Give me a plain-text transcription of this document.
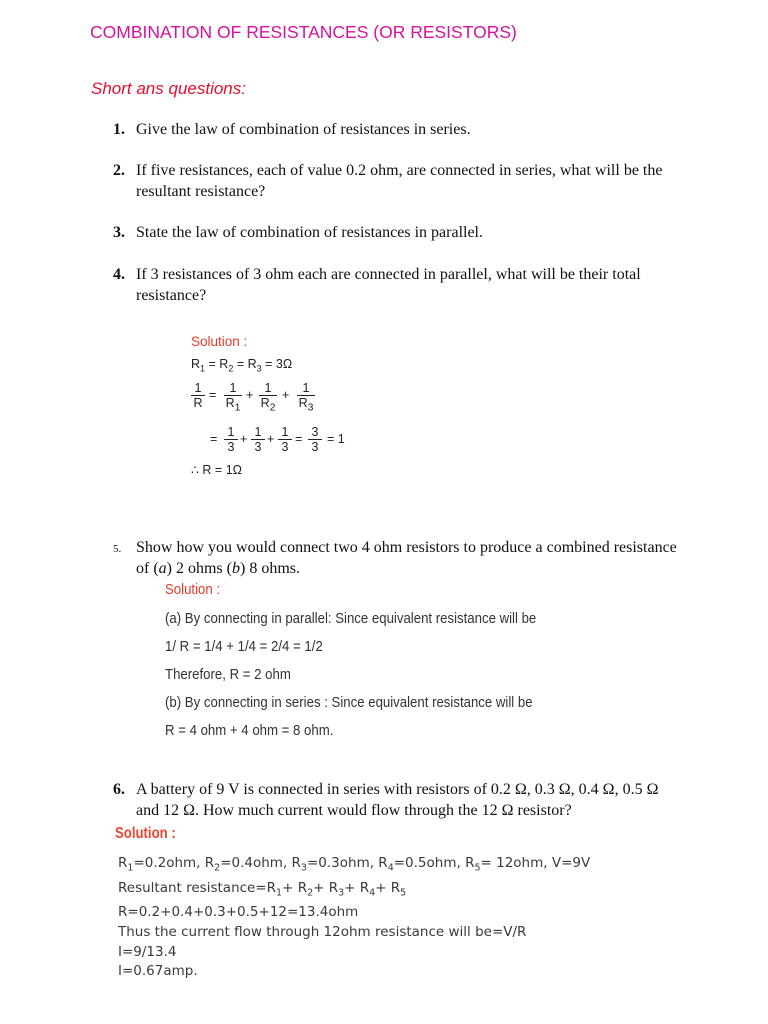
COMBINATION OF RESISTANCES (OR RESISTORS)
Short ans questions:
1. Give the law of combination of resistances in series.
2. If five resistances, each of value 0.2 ohm, are connected in series, what will be the resultant resistance?
3. State the law of combination of resistances in parallel.
4. If 3 resistances of 3 ohm each are connected in parallel, what will be their total resistance?
Solution :
$R_1 = R_2 = R_3 = 3\Omega$
$\frac{1}{R} = \frac{1}{R_1} + \frac{1}{R_2} + \frac{1}{R_3}$
= $\frac{1}{3} + \frac{1}{3} + \frac{1}{3} = \frac{3}{3} = 1$
∴ R = 1Ω
5. Show how you would connect two 4 ohm resistors to produce a combined resistance of (a) 2 ohms (b) 8 ohms.
Solution :
(a) By connecting in parallel: Since equivalent resistance will be
1/ R = 1/4 + 1/4 = 2/4 = 1/2
Therefore, R = 2 ohm
(b) By connecting in series : Since equivalent resistance will be
R = 4 ohm + 4 ohm = 8 ohm.
6. A battery of 9 V is connected in series with resistors of 0.2 Ω, 0.3 Ω, 0.4 Ω, 0.5 Ω and 12 Ω. How much current would flow through the 12 Ω resistor?
Solution :
$R_1=0.2ohm$, $R_2=0.4ohm$, $R_3=0.3ohm$, $R_4=0.5ohm$, $R_5= 12ohm$, V=9V
Resultant $resistance=R_1+ R_2+ R_3+ R_4+ R_5$
R=0.2+0.4+0.3+0.5+12=13.4ohm
Thus the current flow through 12ohm resistance will be=V/R
I=9/13.4
I=0.67amp.
